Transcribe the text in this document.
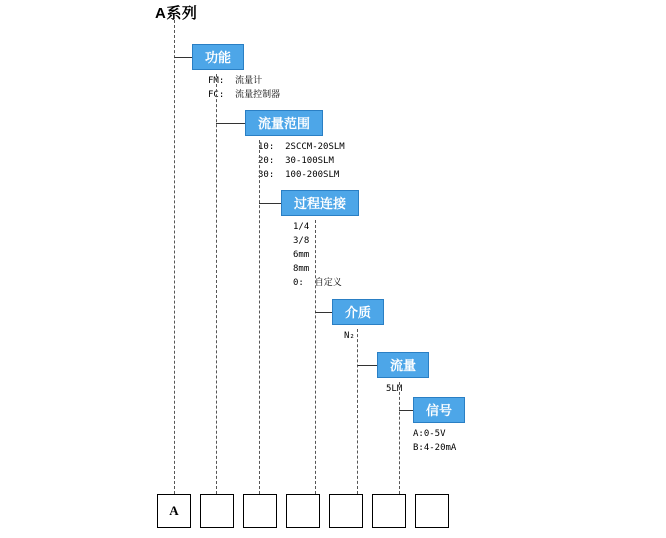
A系列
功能
FM: 流量计
FC: 流量控制器
流量范围
10: 2SCCM-20SLM
20: 30-100SLM
30: 100-200SLM
过程连接
1/4
3/8
6mm
8mm
0: 自定义
介质
N₂
流量
5LM
信号
A:0-5V
B:4-20mA
A
